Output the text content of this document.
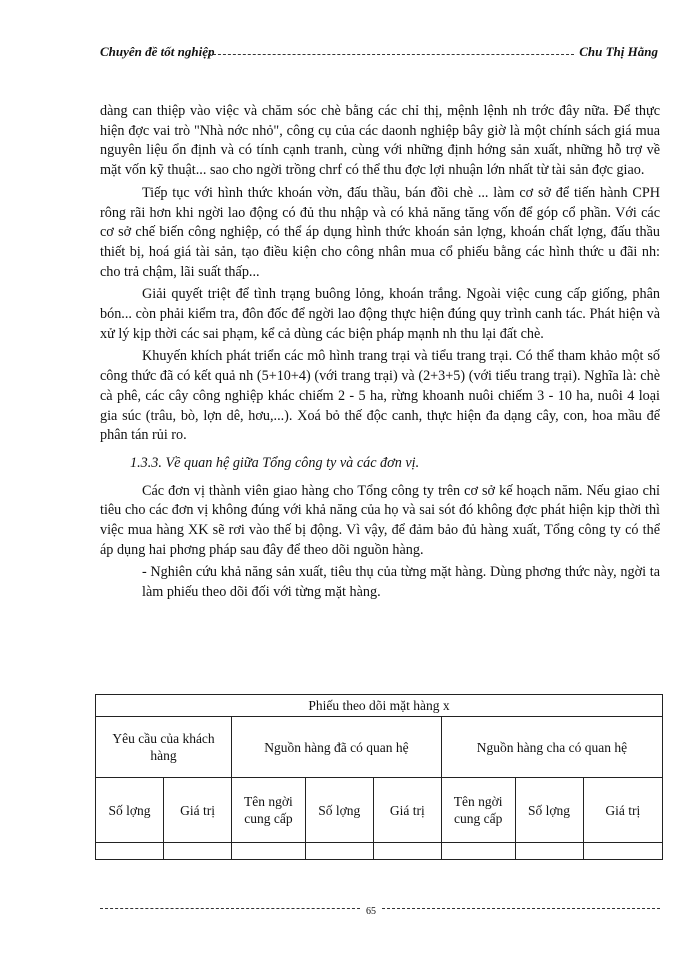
Chuyên đề tốt nghiệp	Chu Thị Hằng

dàng can thiệp vào việc và chăm sóc chè bằng các chỉ thị, mệnh lệnh nh trớc đây nữa. Để thực hiện đợc vai trò "Nhà nớc nhỏ", công cụ của các daonh nghiệp bây giờ là một chính sách giá mua nguyên liệu ổn định và có tính cạnh tranh, cùng với những định hớng sản xuất, những hỗ trợ về mặt vốn kỹ thuật... sao cho ngời trồng chrf có thể thu đợc lợi nhuận lớn nhất từ tài sản đợc giao.

Tiếp tục với hình thức khoán vờn, đấu thầu, bán đồi chè ... làm cơ sở để tiến hành CPH rông rãi hơn khi ngời lao động có đủ thu nhập và có khả năng tăng vốn để góp cổ phần. Với các cơ sở chế biến công nghiệp, có thể áp dụng hình thức khoán sản lợng, khoán chất lợng, đấu thầu thiết bị, hoá giá tài sản, tạo điều kiện cho công nhân mua cổ phiếu bằng các hình thức u đãi nh: cho trả chậm, lãi suất thấp...

Giải quyết triệt để tình trạng buông lỏng, khoán trắng. Ngoài việc cung cấp giống, phân bón... còn phải kiểm tra, đôn đốc để ngời lao động thực hiện đúng quy trình canh tác. Phát hiện và xử lý kịp thời các sai phạm, kể cả dùng các biện pháp mạnh nh thu lại đất chè.

Khuyến khích phát triển các mô hình trang trại và tiểu trang trại. Có thể tham khảo một số công thức đã có kết quả nh (5+10+4) (với trang trại) và (2+3+5) (với tiểu trang trại). Nghĩa là: chè cà phê, các cây công nghiệp khác chiếm 2 - 5 ha, rừng khoanh nuôi chiếm 3 - 10 ha, nuôi 4 loại gia súc (trâu, bò, lợn dê, hơu,...). Xoá bỏ thế độc canh, thực hiện đa dạng cây, con, hoa mầu để phân tán rủi ro.

1.3.3. Về quan hệ giữa Tổng công ty và các đơn vị.

Các đơn vị thành viên giao hàng cho Tổng công ty trên cơ sở kế hoạch năm. Nếu giao chỉ tiêu cho các đơn vị không đúng với khả năng của họ và sai sót đó không đợc phát hiện kịp thời thì việc mua hàng XK sẽ rơi vào thế bị động. Vì vậy, để đảm bảo đủ hàng xuất, Tổng công ty có thể áp dụng hai phơng pháp sau đây để theo dõi nguồn hàng.

- Nghiên cứu khả năng sản xuất, tiêu thụ của từng mặt hàng. Dùng phơng thức này, ngời ta làm phiếu theo dõi đối với từng mặt hàng.

Phiếu theo dõi mặt hàng x							
Yêu cầu của khách hàng		Nguồn hàng đã có quan hệ			Nguồn hàng cha có quan hệ		
Số lợng	Giá trị	Tên ngời cung cấp	Số lợng	Giá trị	Tên ngời cung cấp	Số lợng	Giá trị

65
